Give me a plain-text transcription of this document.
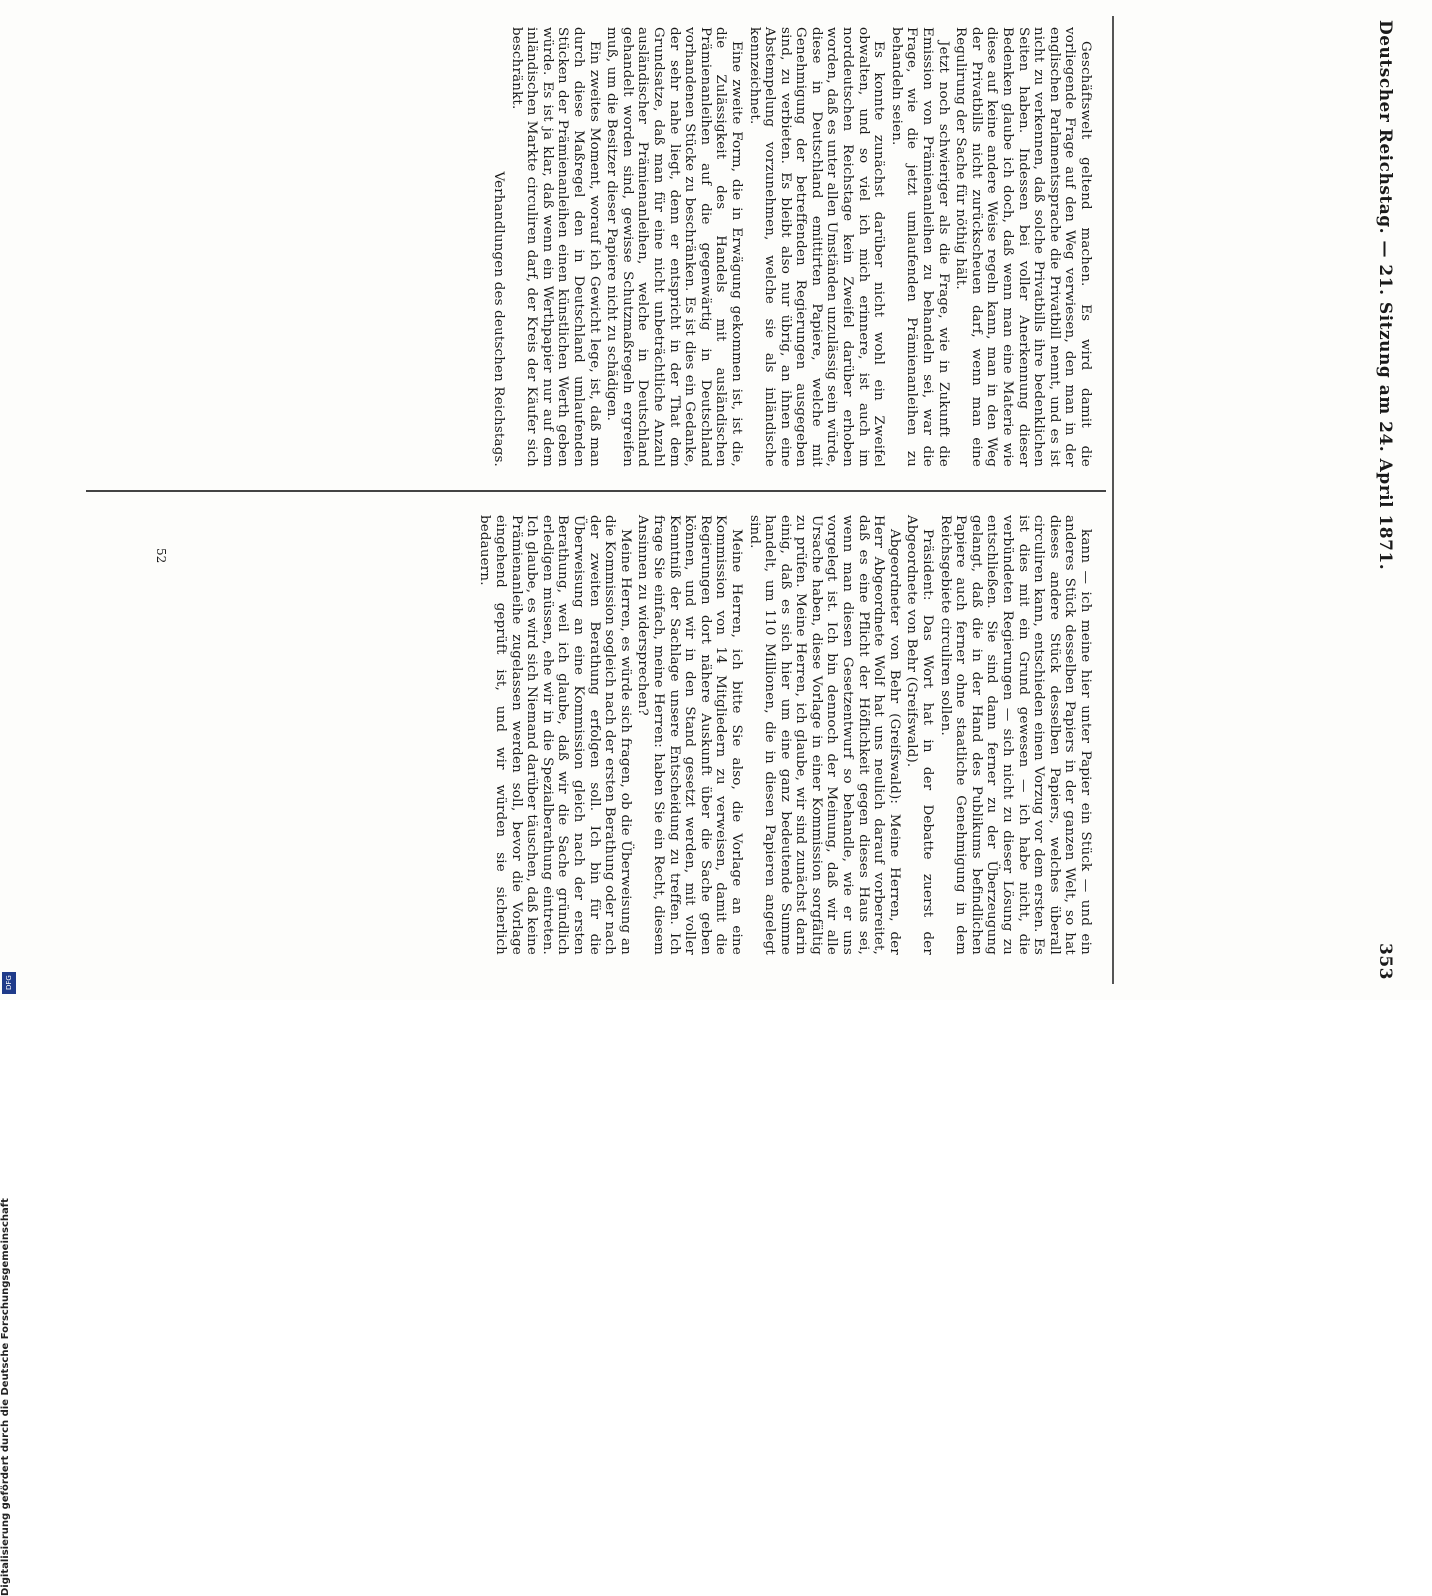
Deutscher Reichstag. — 21. Sitzung am 24. April 1871.
353

Geschäftswelt geltend machen. Es wird damit die vorliegende Frage auf den Weg verwiesen, den man in der englischen Parlamentssprache die Privatbill nennt, und es ist nicht zu verkennen, daß solche Privatbills ihre bedenklichen Seiten haben. Indessen bei voller Anerkennung dieser Bedenken glaube ich doch, daß wenn man eine Materie wie diese auf keine andere Weise regeln kann, man in den Weg der Privatbills nicht zurückscheuen darf, wenn man eine Regulirung der Sache für nöthig hält.

Jetzt noch schwieriger als die Frage, wie in Zukunft die Emission von Prämienanleihen zu behandeln sei, war die Frage, wie die jetzt umlaufenden Prämienanleihen zu behandeln seien.

Es konnte zunächst darüber nicht wohl ein Zweifel obwalten, und so viel ich mich erinnere, ist auch im norddeutschen Reichstage kein Zweifel darüber erhoben worden, daß es unter allen Umständen unzulässig sein würde, diese in Deutschland emittirten Papiere, welche mit Genehmigung der betreffenden Regierungen ausgegeben sind, zu verbieten. Es bleibt also nur übrig, an ihnen eine Abstempelung vorzunehmen, welche sie als inländische kennzeichnet.

Eine zweite Form, die in Erwägung gekommen ist, ist die, die Zulässigkeit des Handels mit ausländischen Prämienanleihen auf die gegenwärtig in Deutschland vorhandenen Stücke zu beschränken. Es ist dies ein Gedanke, der sehr nahe liegt, denn er entspricht in der That dem Grundsatze, daß man für eine nicht unbeträchtliche Anzahl ausländischer Prämienanleihen, welche in Deutschland gehandelt worden sind, gewisse Schutzmaßregeln ergreifen muß, um die Besitzer dieser Papiere nicht zu schädigen.

Ein zweites Moment, worauf ich Gewicht lege, ist, daß man durch diese Maßregel den in Deutschland umlaufenden Stücken der Prämienanleihen einen künstlichen Werth geben würde. Es ist ja klar, daß wenn ein Werthpapier nur auf dem inländischen Markte circuliren darf, der Kreis der Käufer sich beschränkt.

Verhandlungen des deutschen Reichstags.

kann — ich meine hier unter Papier ein Stück — und ein anderes Stück desselben Papiers in der ganzen Welt, so hat dieses andere Stück desselben Papiers, welches überall circuliren kann, entschieden einen Vorzug vor dem ersten. Es ist dies mit ein Grund gewesen — ich habe nicht, die verbündeten Regierungen — sich nicht zu dieser Lösung zu entschließen. Sie sind dann ferner zu der Überzeugung gelangt, daß die in der Hand des Publikums befindlichen Papiere auch ferner ohne staatliche Genehmigung in dem Reichsgebiete circuliren sollen.

Präsident: Das Wort hat in der Debatte zuerst der Abgeordnete von Behr (Greifswald).

Abgeordneter von Behr (Greifswald): Meine Herren, der Herr Abgeordnete Wolf hat uns neulich darauf vorbereitet, daß es eine Pflicht der Höflichkeit gegen dieses Haus sei, wenn man diesen Gesetzentwurf so behandle, wie er uns vorgelegt ist. Ich bin dennoch der Meinung, daß wir alle Ursache haben, diese Vorlage in einer Kommission sorgfältig zu prüfen. Meine Herren, ich glaube, wir sind zunächst darin einig, daß es sich hier um eine ganz bedeutende Summe handelt, um 110 Millionen, die in diesen Papieren angelegt sind.

Meine Herren, ich bitte Sie also, die Vorlage an eine Kommission von 14 Mitgliedern zu verweisen, damit die Regierungen dort nähere Auskunft über die Sache geben können, und wir in den Stand gesetzt werden, mit voller Kenntniß der Sachlage unsere Entscheidung zu treffen. Ich frage Sie einfach, meine Herren: haben Sie ein Recht, diesem Ansinnen zu widersprechen?

Meine Herren, es würde sich fragen, ob die Überweisung an die Kommission sogleich nach der ersten Berathung oder nach der zweiten Berathung erfolgen soll. Ich bin für die Überweisung an eine Kommission gleich nach der ersten Berathung, weil ich glaube, daß wir die Sache gründlich erledigen müssen, ehe wir in die Spezialberathung eintreten. Ich glaube, es wird sich Niemand darüber täuschen, daß keine Prämienanleihe zugelassen werden soll, bevor die Vorlage eingehend geprüft ist, und wir würden sie sicherlich bedauern.

52
Digitalisierung gefördert durch die Deutsche Forschungsgemeinschaft
DFG
